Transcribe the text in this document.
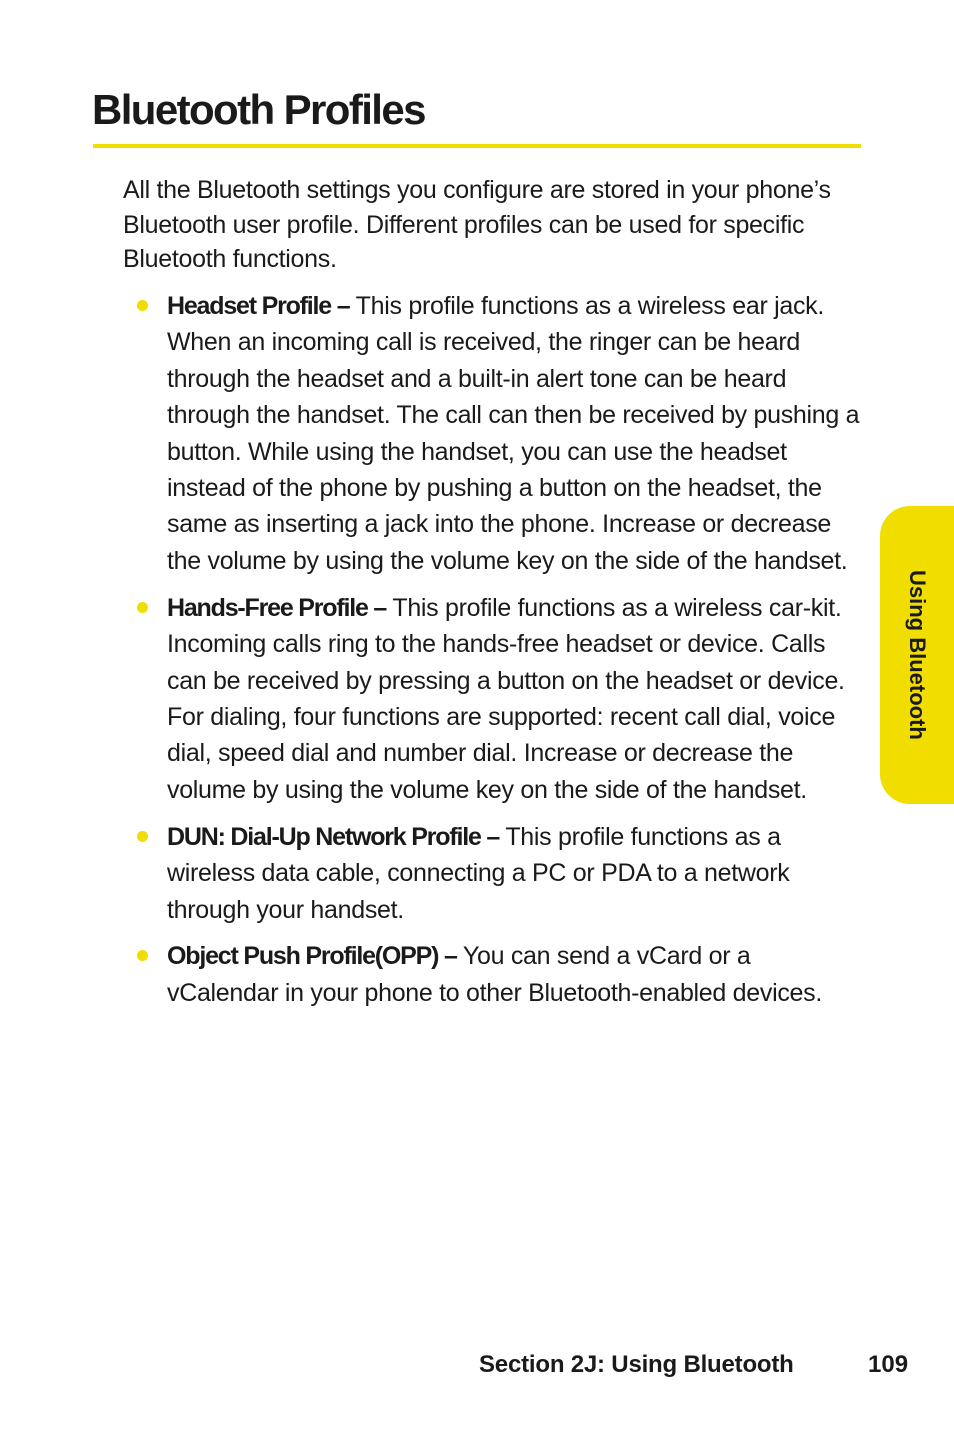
Bluetooth Profiles

All the Bluetooth settings you configure are stored in your phone’s Bluetooth user profile. Different profiles can be used for specific Bluetooth functions.

Headset Profile – This profile functions as a wireless ear jack. When an incoming call is received, the ringer can be heard through the headset and a built-in alert tone can be heard through the handset. The call can then be received by pushing a button. While using the handset, you can use the headset instead of the phone by pushing a button on the headset, the same as inserting a jack into the phone. Increase or decrease the volume by using the volume key on the side of the handset.
Hands-Free Profile – This profile functions as a wireless car-kit. Incoming calls ring to the hands-free headset or device. Calls can be received by pressing a button on the headset or device. For dialing, four functions are supported: recent call dial, voice dial, speed dial and number dial. Increase or decrease the volume by using the volume key on the side of the handset.
DUN: Dial-Up Network Profile – This profile functions as a wireless data cable, connecting a PC or PDA to a network through your handset.
Object Push Profile(OPP) – You can send a vCard or a vCalendar in your phone to other Bluetooth-enabled devices.
Using Bluetooth
Section 2J: Using Bluetooth	109
